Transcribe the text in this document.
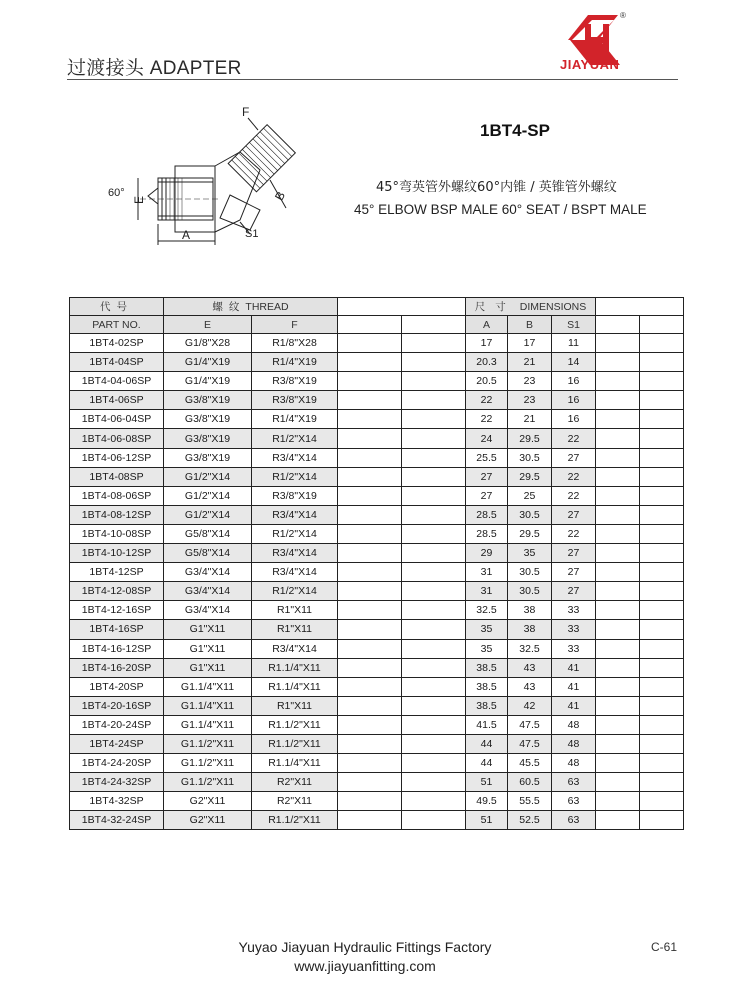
过渡接头 ADAPTER
®
JIAYUAN
F
60°
E
A
B
S1
1BT4-SP
45°弯英管外螺纹60°内锥 / 英锥管外螺纹
45° ELBOW BSP MALE 60° SEAT / BSPT MALE
代号	螺纹THREAD				尺寸 DIMENSIONS				
PART NO.	E	F			A	B	S1		
1BT4-02SP	G1/8"X28	R1/8"X28			17	17	11		
1BT4-04SP	G1/4"X19	R1/4"X19			20.3	21	14		
1BT4-04-06SP	G1/4"X19	R3/8"X19			20.5	23	16		
1BT4-06SP	G3/8"X19	R3/8"X19			22	23	16		
1BT4-06-04SP	G3/8"X19	R1/4"X19			22	21	16		
1BT4-06-08SP	G3/8"X19	R1/2"X14			24	29.5	22		
1BT4-06-12SP	G3/8"X19	R3/4"X14			25.5	30.5	27		
1BT4-08SP	G1/2"X14	R1/2"X14			27	29.5	22		
1BT4-08-06SP	G1/2"X14	R3/8"X19			27	25	22		
1BT4-08-12SP	G1/2"X14	R3/4"X14			28.5	30.5	27		
1BT4-10-08SP	G5/8"X14	R1/2"X14			28.5	29.5	22		
1BT4-10-12SP	G5/8"X14	R3/4"X14			29	35	27		
1BT4-12SP	G3/4"X14	R3/4"X14			31	30.5	27		
1BT4-12-08SP	G3/4"X14	R1/2"X14			31	30.5	27		
1BT4-12-16SP	G3/4"X14	R1"X11			32.5	38	33		
1BT4-16SP	G1"X11	R1"X11			35	38	33		
1BT4-16-12SP	G1"X11	R3/4"X14			35	32.5	33		
1BT4-16-20SP	G1"X11	R1.1/4"X11			38.5	43	41		
1BT4-20SP	G1.1/4"X11	R1.1/4"X11			38.5	43	41		
1BT4-20-16SP	G1.1/4"X11	R1"X11			38.5	42	41		
1BT4-20-24SP	G1.1/4"X11	R1.1/2"X11			41.5	47.5	48		
1BT4-24SP	G1.1/2"X11	R1.1/2"X11			44	47.5	48		
1BT4-24-20SP	G1.1/2"X11	R1.1/4"X11			44	45.5	48		
1BT4-24-32SP	G1.1/2"X11	R2"X11			51	60.5	63		
1BT4-32SP	G2"X11	R2"X11			49.5	55.5	63		
1BT4-32-24SP	G2"X11	R1.1/2"X11			51	52.5	63		
Yuyao Jiayuan Hydraulic Fittings Factory
www.jiayuanfitting.com
C-61
